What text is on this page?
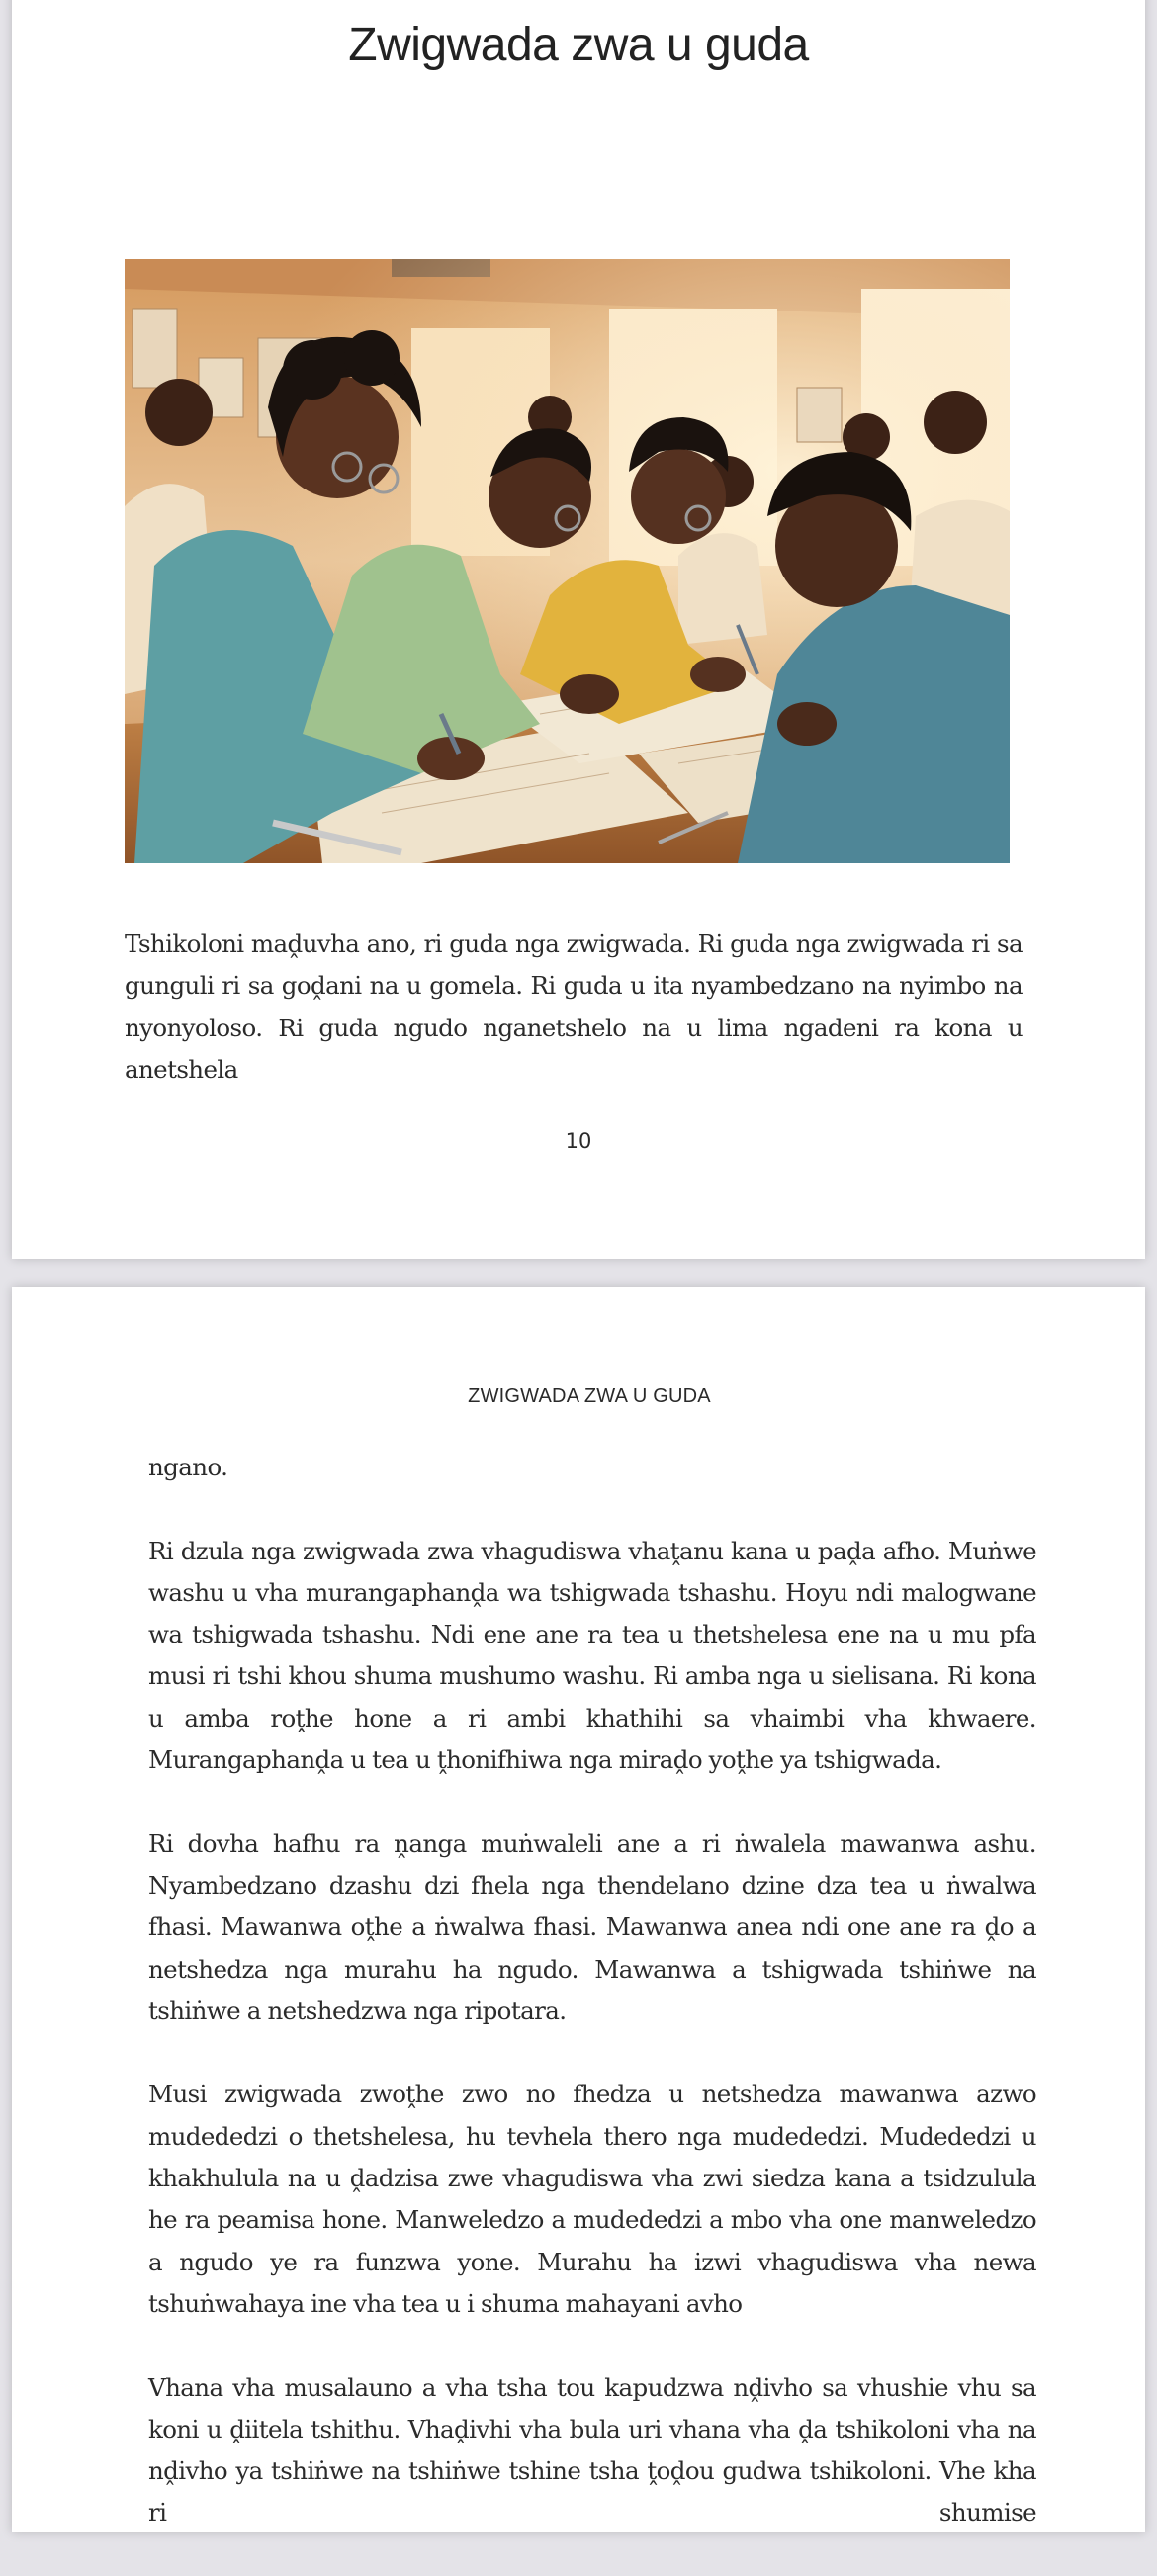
Zwigwada zwa u guda

Tshikoloni maḓuvha ano, ri guda nga zwigwada. Ri guda nga zwigwada ri sa gunguli ri sa goḓani na u gomela. Ri guda u ita nyambedzano na nyimbo na nyonyoloso. Ri guda ngudo nganetshelo na u lima ngadeni ra kona u anetshela

10
ZWIGWADA ZWA U GUDA

ngano.

Ri dzula nga zwigwada zwa vhagudiswa vhaṱanu kana u paḓa afho. Muṅwe washu u vha murangaphanḓa wa tshigwada tshashu. Hoyu ndi malogwane wa tshigwada tshashu. Ndi ene ane ra tea u thetshelesa ene na u mu pfa musi ri tshi khou shuma mushumo washu. Ri amba nga u sielisana. Ri kona u amba roṱhe hone a ri ambi khathihi sa vhaimbi vha khwaere. Murangaphanḓa u tea u ṱhonifhiwa nga miraḓo yoṱhe ya tshigwada.

Ri dovha hafhu ra ṋanga muṅwaleli ane a ri ṅwalela mawanwa ashu. Nyambedzano dzashu dzi fhela nga thendelano dzine dza tea u ṅwalwa fhasi. Mawanwa oṱhe a ṅwalwa fhasi. Mawanwa anea ndi one ane ra ḓo a netshedza nga murahu ha ngudo. Mawanwa a tshigwada tshiṅwe na tshiṅwe a netshedzwa nga ripotara.

Musi zwigwada zwoṱhe zwo no fhedza u netshedza mawanwa azwo mudededzi o thetshelesa, hu tevhela thero nga mudededzi. Mudededzi u khakhulula na u ḓadzisa zwe vhagudiswa vha zwi siedza kana a tsidzulula he ra peamisa hone. Manweledzo a mudededzi a mbo vha one manweledzo a ngudo ye ra funzwa yone. Murahu ha izwi vhagudiswa vha newa tshuṅwahaya ine vha tea u i shuma mahayani avho

Vhana vha musalauno a vha tsha tou kapudzwa nḓivho sa vhushie vhu sa koni u ḓiitela tshithu. Vhaḓivhi vha bula uri vhana vha ḓa tshikoloni vha na nḓivho ya tshiṅwe na tshiṅwe tshine tsha ṱoḓou gudwa tshikoloni. Vhe kha ri shumise
